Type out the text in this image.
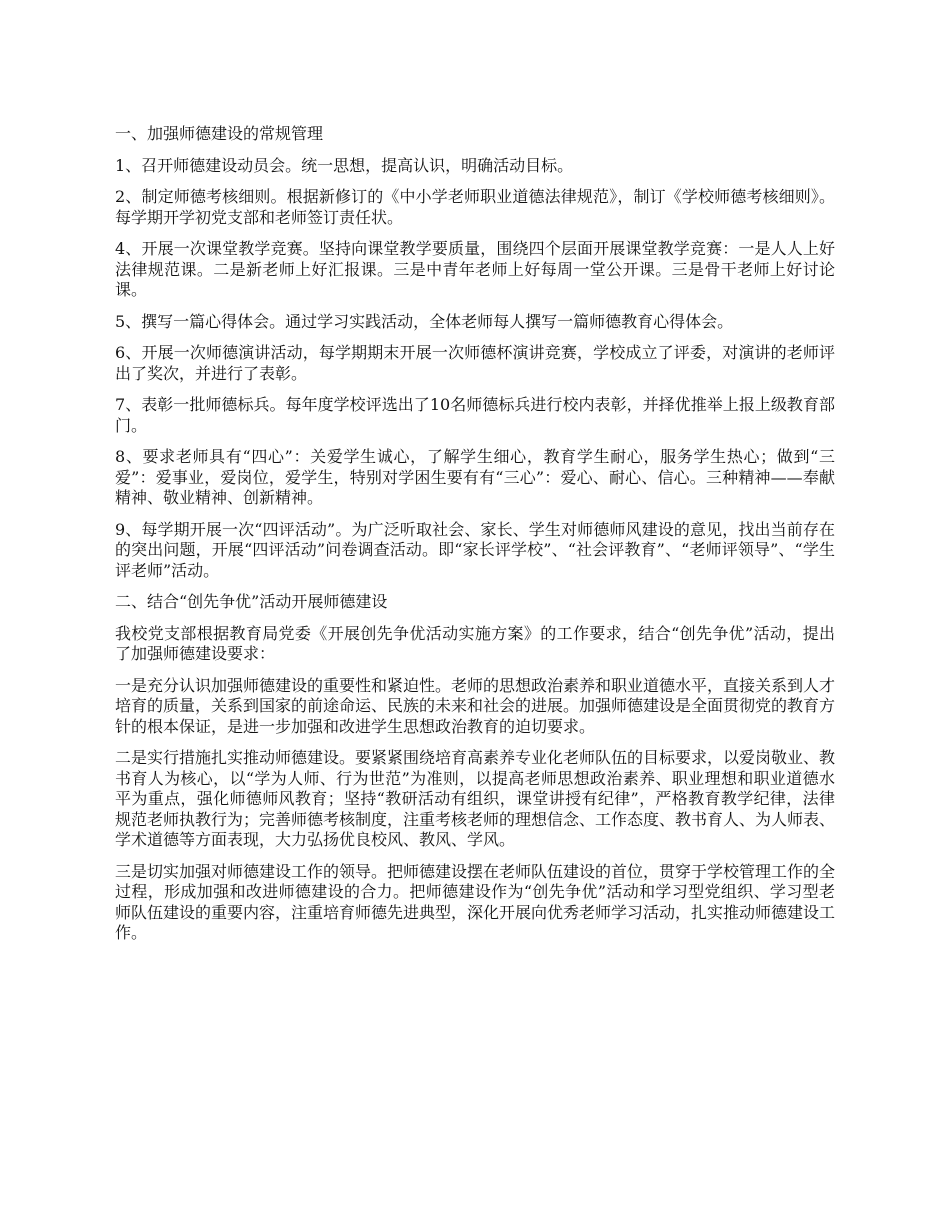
一、加强师德建设的常规管理

1、召开师德建设动员会。统一思想，提高认识，明确活动目标。

2、制定师德考核细则。根据新修订的《中小学老师职业道德法律规范》，制订《学校师德考核细则》。每学期开学初党支部和老师签订责任状。

4、开展一次课堂教学竞赛。坚持向课堂教学要质量，围绕四个层面开展课堂教学竞赛：一是人人上好法律规范课。二是新老师上好汇报课。三是中青年老师上好每周一堂公开课。三是骨干老师上好讨论课。

5、撰写一篇心得体会。通过学习实践活动，全体老师每人撰写一篇师德教育心得体会。

6、开展一次师德演讲活动，每学期期末开展一次师德杯演讲竞赛，学校成立了评委，对演讲的老师评出了奖次，并进行了表彰。

7、表彰一批师德标兵。每年度学校评选出了10名师德标兵进行校内表彰，并择优推举上报上级教育部门。

8、要求老师具有“四心”：关爱学生诚心，了解学生细心，教育学生耐心，服务学生热心；做到“三爱”：爱事业，爱岗位，爱学生，特别对学困生要有有“三心”：爱心、耐心、信心。三种精神——奉献精神、敬业精神、创新精神。

9、每学期开展一次“四评活动”。为广泛听取社会、家长、学生对师德师风建设的意见，找出当前存在的突出问题，开展“四评活动”问卷调查活动。即“家长评学校”、“社会评教育”、“老师评领导”、“学生评老师”活动。

二、结合“创先争优”活动开展师德建设

我校党支部根据教育局党委《开展创先争优活动实施方案》的工作要求，结合“创先争优”活动，提出了加强师德建设要求：

一是充分认识加强师德建设的重要性和紧迫性。老师的思想政治素养和职业道德水平，直接关系到人才培育的质量，关系到国家的前途命运、民族的未来和社会的进展。加强师德建设是全面贯彻党的教育方针的根本保证，是进一步加强和改进学生思想政治教育的迫切要求。

二是实行措施扎实推动师德建设。要紧紧围绕培育高素养专业化老师队伍的目标要求，以爱岗敬业、教书育人为核心，以“学为人师、行为世范”为准则，以提高老师思想政治素养、职业理想和职业道德水平为重点，强化师德师风教育；坚持“教研活动有组织，课堂讲授有纪律”，严格教育教学纪律，法律规范老师执教行为；完善师德考核制度，注重考核老师的理想信念、工作态度、教书育人、为人师表、学术道德等方面表现，大力弘扬优良校风、教风、学风。

三是切实加强对师德建设工作的领导。把师德建设摆在老师队伍建设的首位，贯穿于学校管理工作的全过程，形成加强和改进师德建设的合力。把师德建设作为“创先争优”活动和学习型党组织、学习型老师队伍建设的重要内容，注重培育师德先进典型，深化开展向优秀老师学习活动，扎实推动师德建设工作。
